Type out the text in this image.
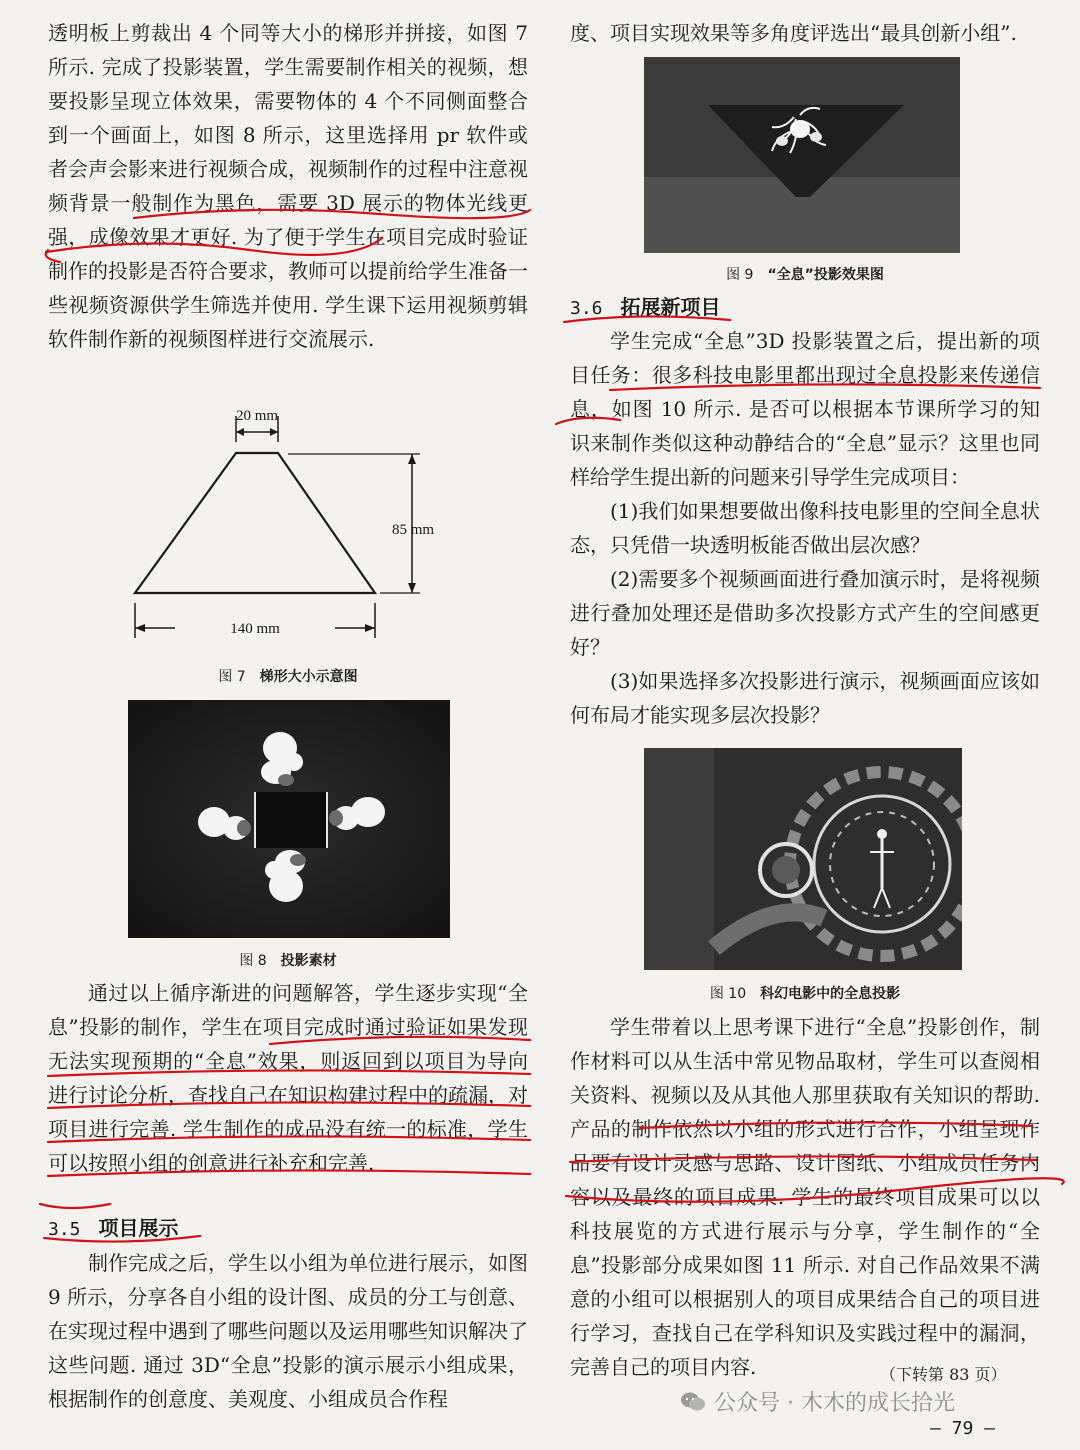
透明板上剪裁出 4 个同等大小的梯形并拼接，如图 7 所示. 完成了投影装置，学生需要制作相关的视频，想要投影呈现立体效果，需要物体的 4 个不同侧面整合到一个画面上，如图 8 所示，这里选择用 pr 软件或者会声会影来进行视频合成，视频制作的过程中注意视频背景一般制作为黑色，需要 3D 展示的物体光线更强，成像效果才更好. 为了便于学生在项目完成时验证制作的投影是否符合要求，教师可以提前给学生准备一些视频资源供学生筛选并使用. 学生课下运用视频剪辑软件制作新的视频图样进行交流展示.

20 mm
85 mm
140 mm
图 7 梯形大小示意图
图 8 投影素材

通过以上循序渐进的问题解答，学生逐步实现“全息”投影的制作，学生在项目完成时通过验证如果发现无法实现预期的“全息”效果，则返回到以项目为导向进行讨论分析，查找自己在知识构建过程中的疏漏，对项目进行完善. 学生制作的成品没有统一的标准，学生可以按照小组的创意进行补充和完善.

3.5 项目展示

制作完成之后，学生以小组为单位进行展示，如图 9 所示，分享各自小组的设计图、成员的分工与创意、在实现过程中遇到了哪些问题以及运用哪些知识解决了这些问题. 通过 3D“全息”投影的演示展示小组成果，根据制作的创意度、美观度、小组成员合作程

度、项目实现效果等多角度评选出“最具创新小组”.

图 9 “全息”投影效果图
3.6 拓展新项目

学生完成“全息”3D 投影装置之后，提出新的项目任务：很多科技电影里都出现过全息投影来传递信息，如图 10 所示. 是否可以根据本节课所学习的知识来制作类似这种动静结合的“全息”显示？这里也同样给学生提出新的问题来引导学生完成项目：

(1)我们如果想要做出像科技电影里的空间全息状态，只凭借一块透明板能否做出层次感？

(2)需要多个视频画面进行叠加演示时，是将视频进行叠加处理还是借助多次投影方式产生的空间感更好？

(3)如果选择多次投影进行演示，视频画面应该如何布局才能实现多层次投影？

图 10 科幻电影中的全息投影

学生带着以上思考课下进行“全息”投影创作，制作材料可以从生活中常见物品取材，学生可以查阅相关资料、视频以及从其他人那里获取有关知识的帮助. 产品的制作依然以小组的形式进行合作，小组呈现作品要有设计灵感与思路、设计图纸、小组成员任务内容以及最终的项目成果. 学生的最终项目成果可以以科技展览的方式进行展示与分享，学生制作的“全息”投影部分成果如图 11 所示. 对自己作品效果不满意的小组可以根据别人的项目成果结合自己的项目进行学习，查找自己在学科知识及实践过程中的漏洞，完善自己的项目内容.	（下转第 83 页）
公众号 · 木木的成长拾光
— 79 —
